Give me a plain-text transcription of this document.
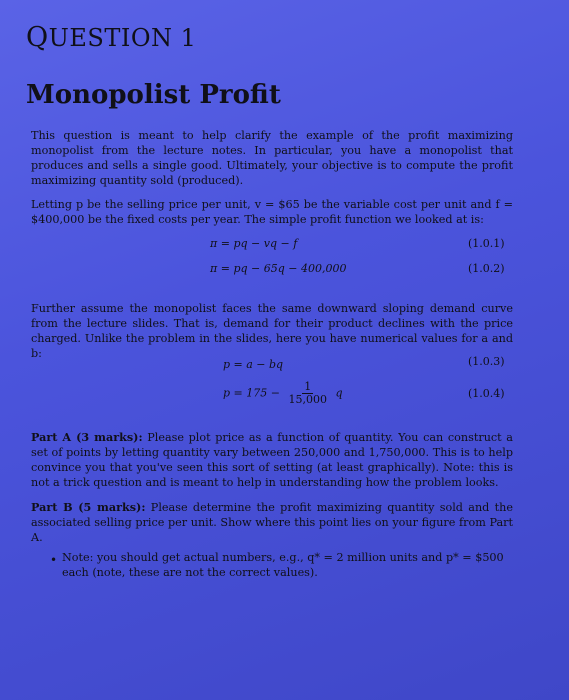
QUESTION 1
Monopolist Profit

This question is meant to help clarify the example of the profit maximizing monopolist from the lecture notes. In particular, you have a monopolist that produces and sells a single good. Ultimately, your objective is to compute the profit maximizing quantity sold (produced).

Letting p be the selling price per unit, v = $65 be the variable cost per unit and f = $400,000 be the fixed costs per year. The simple profit function we looked at is:

π = pq − vq − f	(1.0.1)
π = pq − 65q − 400,000	(1.0.2)

Further assume the monopolist faces the same downward sloping demand curve from the lecture slides. That is, demand for their product declines with the price charged. Unlike the problem in the slides, here you have numerical values for a and b:

p = a − bq	(1.0.3)
$p = 175 - \frac{1}{15,000}$ q	(1.0.4)

Part A (3 marks): Please plot price as a function of quantity. You can construct a set of points by letting quantity vary between 250,000 and 1,750,000. This is to help convince you that you've seen this sort of setting (at least graphically). Note: this is not a trick question and is meant to help in understanding how the problem looks.

Part B (5 marks): Please determine the profit maximizing quantity sold and the associated selling price per unit. Show where this point lies on your figure from Part A.

• Note: you should get actual numbers, e.g., q* = 2 million units and p* = $500 each (note, these are not the correct values).
